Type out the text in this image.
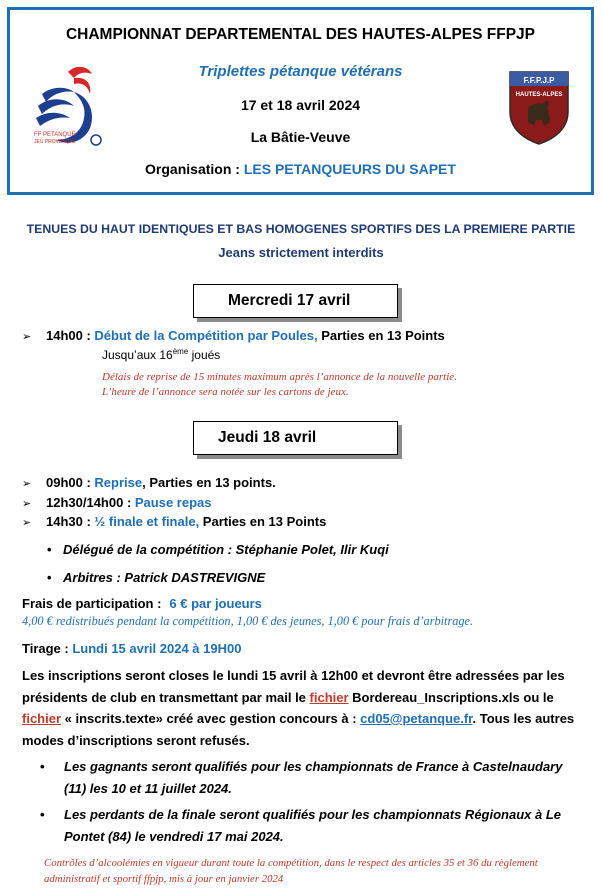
CHAMPIONNAT DEPARTEMENTAL DES HAUTES-ALPES FFPJP
Triplettes pétanque vétérans
17 et 18 avril 2024
La Bâtie-Veuve
Organisation : LES PETANQUEURS DU SAPET
FF PETANQUE
JEU PROVENÇAL
F.F.P.J.P
HAUTES-ALPES
TENUES DU HAUT IDENTIQUES ET BAS HOMOGENES SPORTIFS DES LA PREMIERE PARTIE
Jeans strictement interdits
Mercredi 17 avril
➢ 14h00 : Début de la Compétition par Poules, Parties en 13 Points
Jusqu’aux 16ème joués
Délais de reprise de 15 minutes maximum après l’annonce de la nouvelle partie.
L’heure de l’annonce sera notée sur les cartons de jeux.
Jeudi 18 avril
➢ 09h00 : Reprise, Parties en 13 points.
➢ 12h30/14h00 : Pause repas
➢ 14h30 : ½ finale et finale, Parties en 13 Points
• Délégué de la compétition : Stéphanie Polet, Ilir Kuqi
• Arbitres : Patrick DASTREVIGNE
Frais de participation : 6 € par joueurs
4,00 € redistribués pendant la compétition, 1,00 € des jeunes, 1,00 € pour frais d’arbitrage.
Tirage : Lundi 15 avril 2024 à 19H00
Les inscriptions seront closes le lundi 15 avril à 12h00 et devront être adressées par les présidents de club en transmettant par mail le fichier Bordereau_Inscriptions.xls ou le fichier « inscrits.texte» créé avec gestion concours à : cd05@petanque.fr. Tous les autres modes d’inscriptions seront refusés.
• Les gagnants seront qualifiés pour les championnats de France à Castelnaudary (11) les 10 et 11 juillet 2024.
• Les perdants de la finale seront qualifiés pour les championnats Régionaux à Le Pontet (84) le vendredi 17 mai 2024.
Contrôles d’alcoolémies en vigueur durant toute la compétition, dans le respect des articles 35 et 36 du règlement administratif et sportif ffpjp, mis à jour en janvier 2024
